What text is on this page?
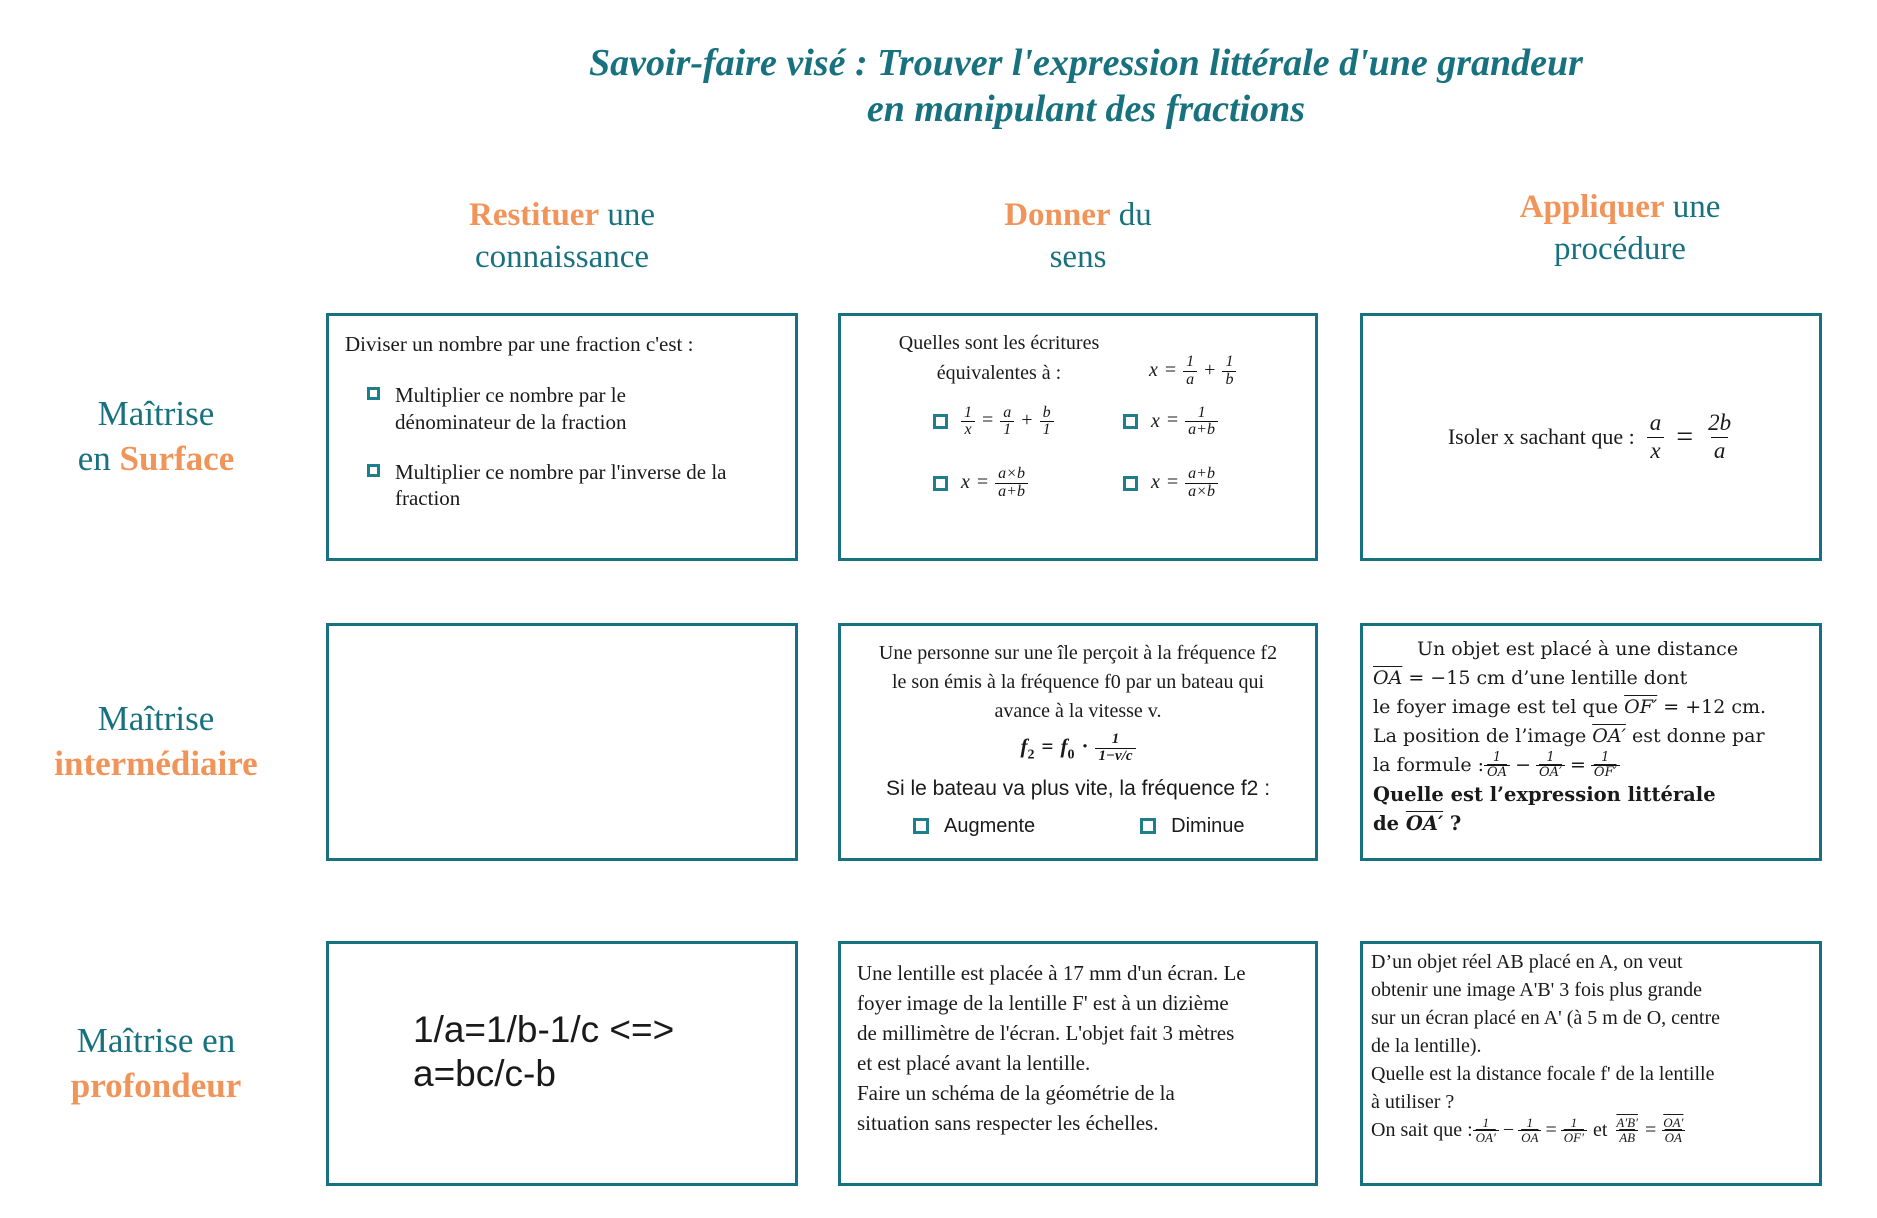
Savoir-faire visé : Trouver l'expression littérale d'une grandeur
en manipulant des fractions
Restituer une
connaissance
Donner du
sens
Appliquer une
procédure
Maîtrise
en Surface
Maîtrise
intermédiaire
Maîtrise en
profondeur
Diviser un nombre par une fraction c'est :
Multiplier ce nombre par le dénominateur de la fraction
Multiplier ce nombre par l'inverse de la fraction
Quelles sont les écritures
équivalentes à :	$x = \frac{1}{a} + \frac{1}{b}$
$\frac{1}{x} = \frac{a}{1} + \frac{b}{1}$	$x = \frac{1}{a+b}$
$x = \frac{a\times b}{a+b}$	$x = \frac{a+b}{a\times b}$
Isoler x sachant que : $\frac{a}{x} = \frac{2b}{a}$
Une personne sur une île perçoit à la fréquence f2
le son émis à la fréquence f0 par un bateau qui
avance à la vitesse v.
$f_2 = f_0 \cdot \frac{1}{1-v/c}$
Si le bateau va plus vite, la fréquence f2 :
Augmente	Diminue
Un objet est placé à une distance
$\overline{OA} = -15$ cm d’une lentille dont
le foyer image est tel que OF′ = +12 cm.
La position de l’image OA′ est donne par
la formule : $\frac{1}{OA} - \frac{1}{OA'} = \frac{1}{OF'}$
Quelle est l’expression littérale
de OA′ ?
1/a=1/b-1/c <=>
a=bc/c-b
Une lentille est placée à 17 mm d'un écran. Le
foyer image de la lentille F' est à un dizième
de millimètre de l'écran. L'objet fait 3 mètres
et est placé avant la lentille.
Faire un schéma de la géométrie de la
situation sans respecter les échelles.
D’un objet réel AB placé en A, on veut
obtenir une image A'B' 3 fois plus grande
sur un écran placé en A' (à 5 m de O, centre
de la lentille).
Quelle est la distance focale f' de la lentille
à utiliser ?
On sait que : $\frac{1}{OA'} - \frac{1}{OA} = \frac{1}{OF'}$ et $\frac{A'B'}{AB} = \frac{OA'}{OA}$
